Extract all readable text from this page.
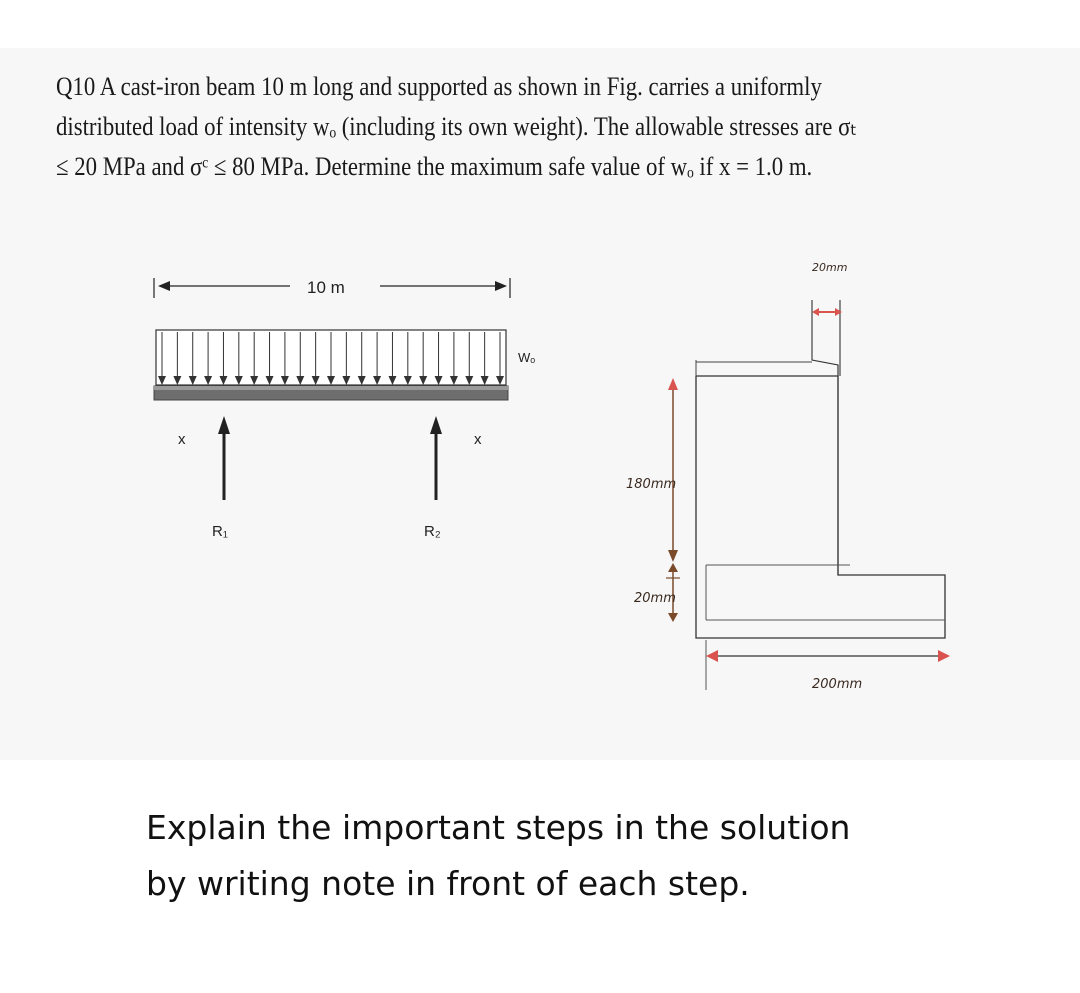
Q10 A cast-iron beam 10 m long and supported as shown in Fig. carries a uniformly
distributed load of intensity wₒ (including its own weight). The allowable stresses are σₜ
≤ 20 MPa and σᶜ ≤ 80 MPa. Determine the maximum safe value of wₒ if x = 1.0 m.
10 m
Wₒ
x	x
R₁	R₂
20mm
180mm
20mm
200mm
Explain the important steps in the solution
by writing note in front of each step.
